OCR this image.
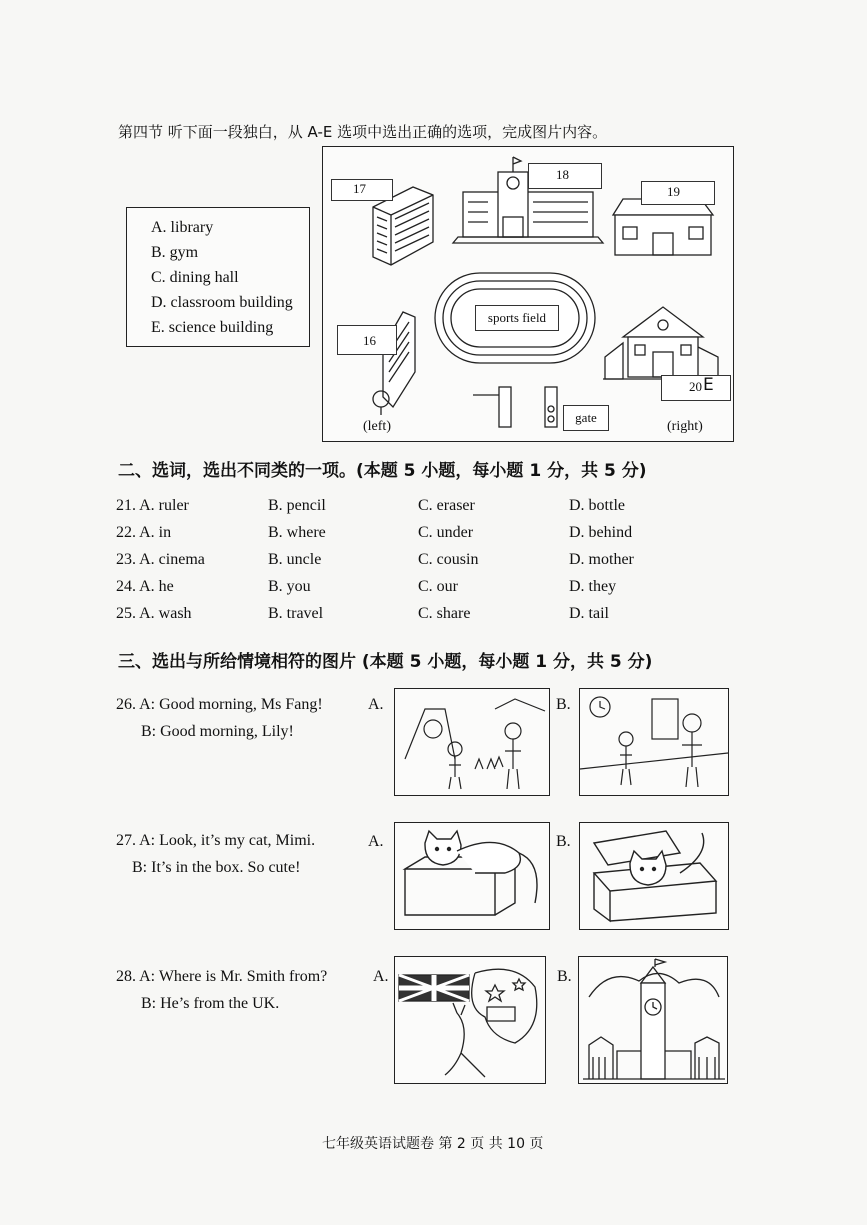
第四节 听下面一段独白，从 A-E 选项中选出正确的选项，完成图片内容。
A. library
B. gym
C. dining hall
D. classroom building
E. science building
17
18
19
16
20 E
sports field
gate
(left)	(right)
二、选词，选出不同类的一项。(本题 5 小题，每小题 1 分，共 5 分)
21. A. ruler	B. pencil	C. eraser	D. bottle
22. A. in	B. where	C. under	D. behind
23. A. cinema	B. uncle	C. cousin	D. mother
24. A. he	B. you	C. our	D. they
25. A. wash	B. travel	C. share	D. tail
三、选出与所给情境相符的图片 (本题 5 小题，每小题 1 分，共 5 分)
26. A: Good morning, Ms Fang!
B: Good morning, Lily!
A.	B.
27. A: Look, it’s my cat, Mimi.
B: It’s in the box. So cute!
A.	B.
28. A: Where is Mr. Smith from?
B: He’s from the UK.
A.	B.
七年级英语试题卷 第 2 页 共 10 页
